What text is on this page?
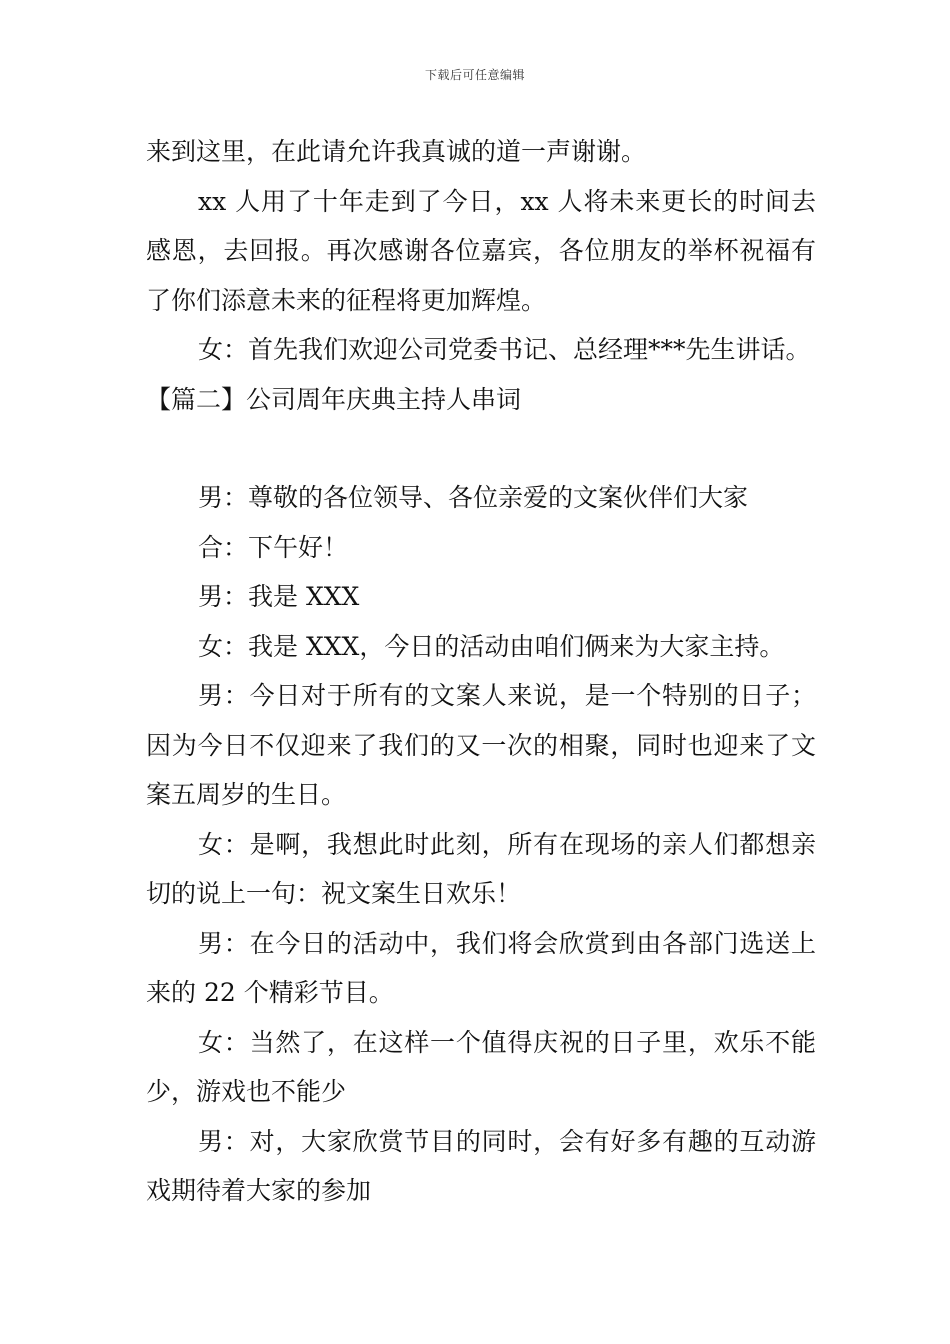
下载后可任意编辑

来到这里，在此请允许我真诚的道一声谢谢。

xx 人用了十年走到了今日，xx 人将未来更长的时间去感恩，去回报。再次感谢各位嘉宾，各位朋友的举杯祝福有了你们添意未来的征程将更加辉煌。

女：首先我们欢迎公司党委书记、总经理***先生讲话。

【篇二】公司周年庆典主持人串词

男：尊敬的各位领导、各位亲爱的文案伙伴们大家

合：下午好！

男：我是 XXX

女：我是 XXX，今日的活动由咱们俩来为大家主持。

男：今日对于所有的文案人来说，是一个特别的日子；因为今日不仅迎来了我们的又一次的相聚，同时也迎来了文案五周岁的生日。

女：是啊，我想此时此刻，所有在现场的亲人们都想亲切的说上一句：祝文案生日欢乐！

男：在今日的活动中，我们将会欣赏到由各部门选送上来的 22 个精彩节目。

女：当然了，在这样一个值得庆祝的日子里，欢乐不能少，游戏也不能少

男：对，大家欣赏节目的同时，会有好多有趣的互动游戏期待着大家的参加
